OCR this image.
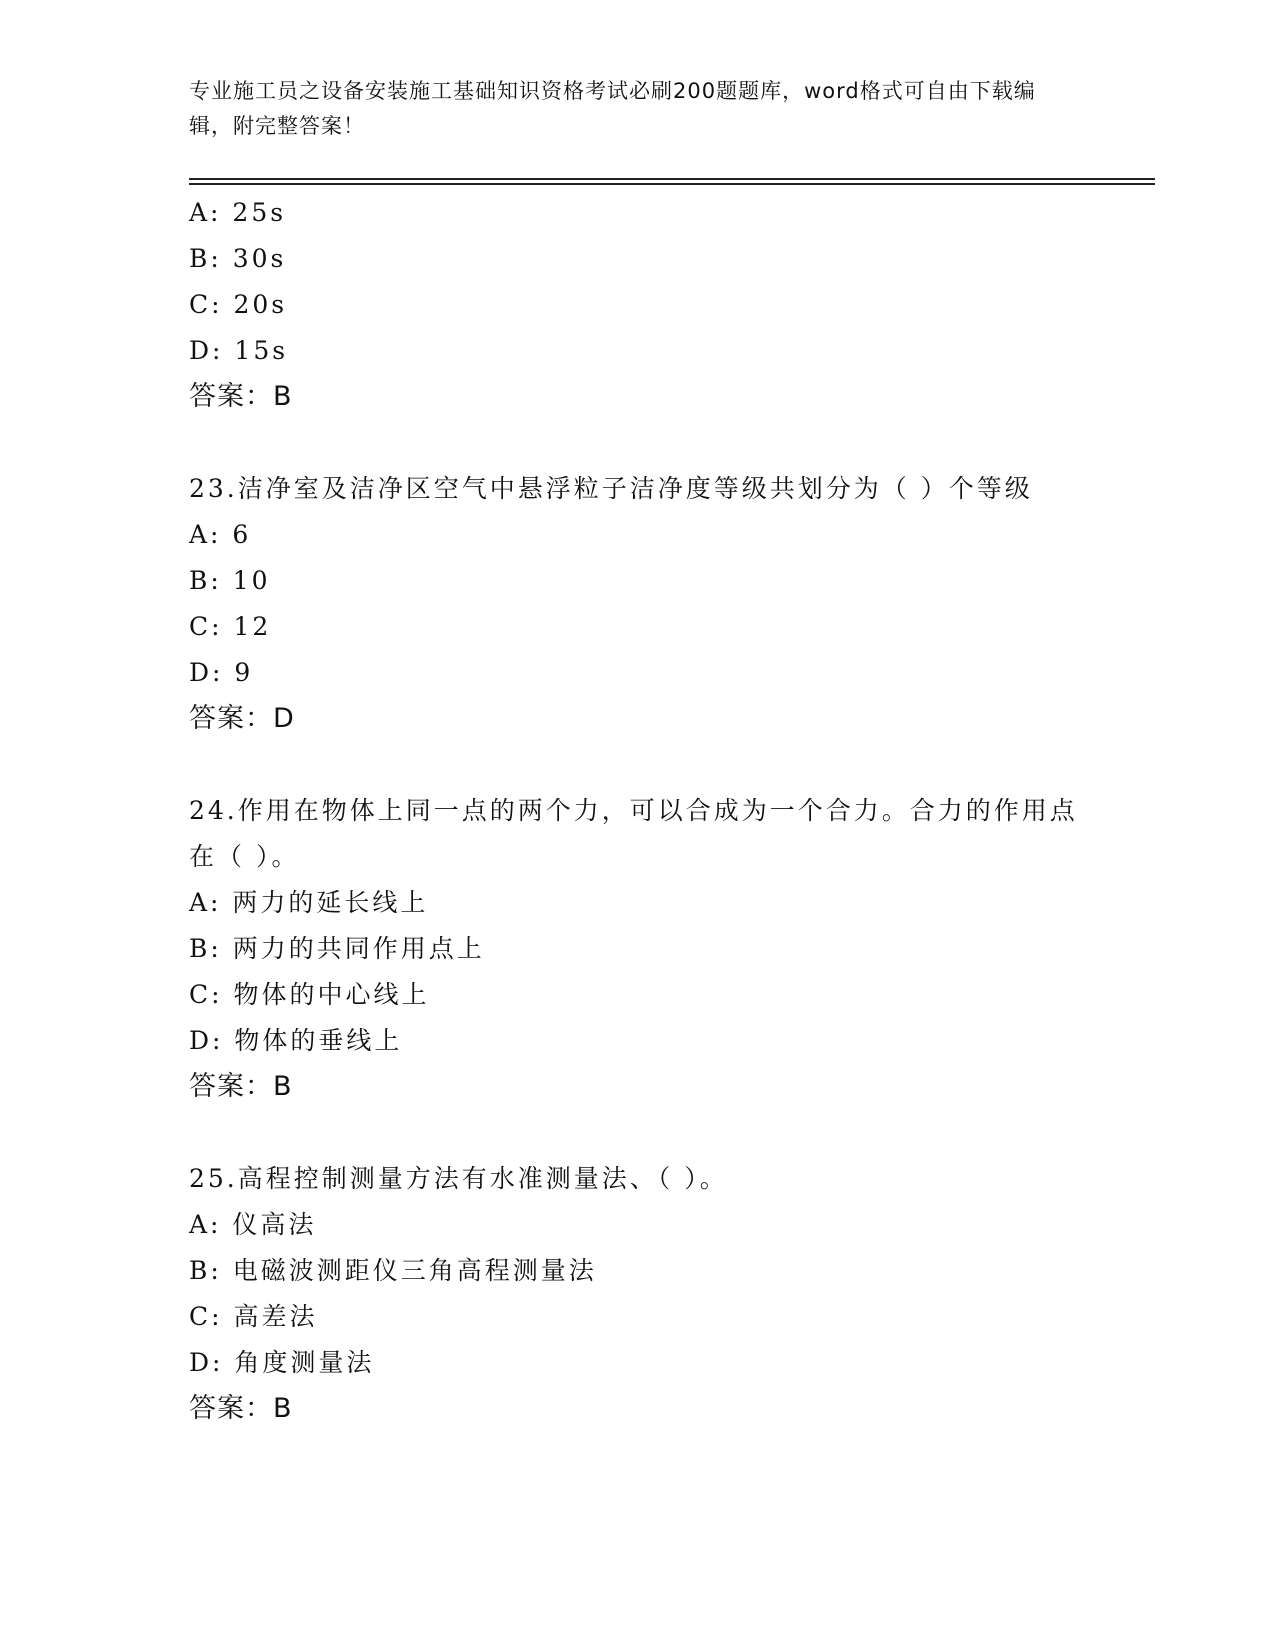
专业施工员之设备安装施工基础知识资格考试必刷200题题库，word格式可自由下载编辑，附完整答案！
A: 25s
B: 30s
C: 20s
D: 15s
答案：B
23.洁净室及洁净区空气中悬浮粒子洁净度等级共划分为（ ）个等级
A: 6
B: 10
C: 12
D: 9
答案：D
24.作用在物体上同一点的两个力，可以合成为一个合力。合力的作用点在（ ）。
A: 两力的延长线上
B: 两力的共同作用点上
C: 物体的中心线上
D: 物体的垂线上
答案：B
25.高程控制测量方法有水准测量法、（ ）。
A: 仪高法
B: 电磁波测距仪三角高程测量法
C: 高差法
D: 角度测量法
答案：B
